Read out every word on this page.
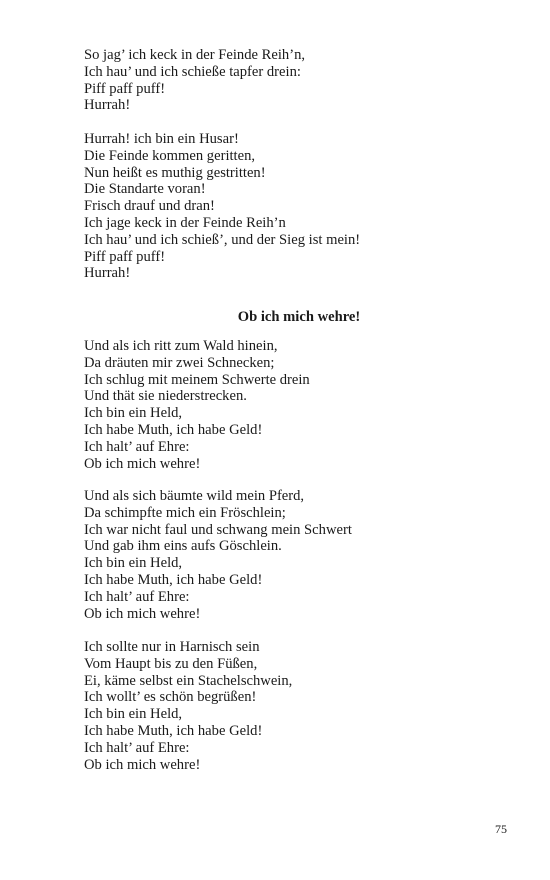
So jag’ ich keck in der Feinde Reih’n,
Ich hau’ und ich schieße tapfer drein:
Piff paff puff!
Hurrah!
Hurrah! ich bin ein Husar!
Die Feinde kommen geritten,
Nun heißt es muthig gestritten!
Die Standarte voran!
Frisch drauf und dran!
Ich jage keck in der Feinde Reih’n
Ich hau’ und ich schieß’, und der Sieg ist mein!
Piff paff puff!
Hurrah!
Ob ich mich wehre!
Und als ich ritt zum Wald hinein,
Da dräuten mir zwei Schnecken;
Ich schlug mit meinem Schwerte drein
Und thät sie niederstrecken.
Ich bin ein Held,
Ich habe Muth, ich habe Geld!
Ich halt’ auf Ehre:
Ob ich mich wehre!
Und als sich bäumte wild mein Pferd,
Da schimpfte mich ein Fröschlein;
Ich war nicht faul und schwang mein Schwert
Und gab ihm eins aufs Göschlein.
Ich bin ein Held,
Ich habe Muth, ich habe Geld!
Ich halt’ auf Ehre:
Ob ich mich wehre!
Ich sollte nur in Harnisch sein
Vom Haupt bis zu den Füßen,
Ei, käme selbst ein Stachelschwein,
Ich wollt’ es schön begrüßen!
Ich bin ein Held,
Ich habe Muth, ich habe Geld!
Ich halt’ auf Ehre:
Ob ich mich wehre!
75
